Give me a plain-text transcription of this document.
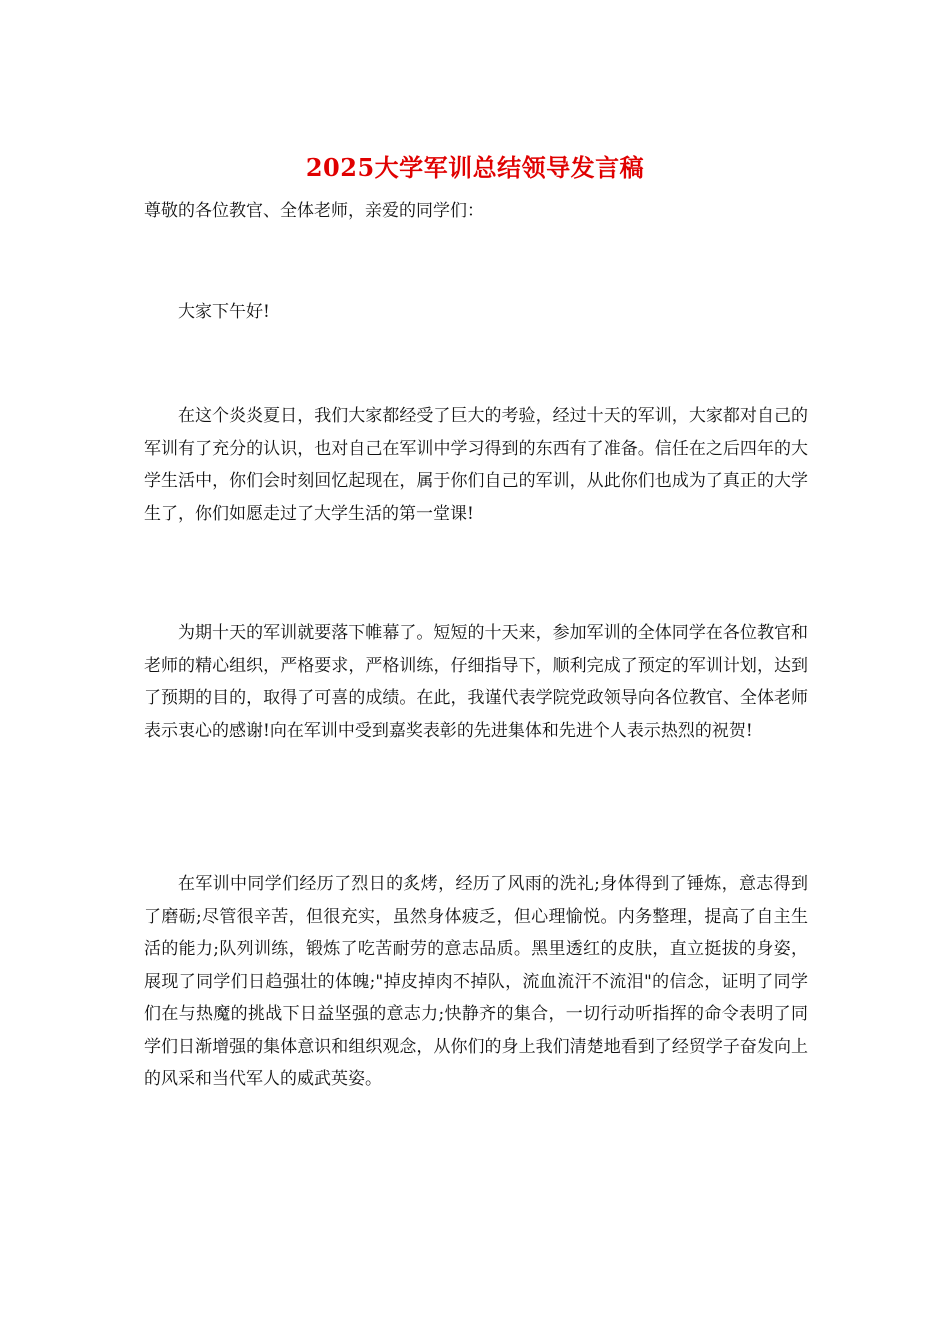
2025大学军训总结领导发言稿
尊敬的各位教官、全体老师，亲爱的同学们：

大家下午好!

在这个炎炎夏日，我们大家都经受了巨大的考验，经过十天的军训，大家都对自己的军训有了充分的认识，也对自己在军训中学习得到的东西有了准备。信任在之后四年的大学生活中，你们会时刻回忆起现在，属于你们自己的军训，从此你们也成为了真正的大学生了，你们如愿走过了大学生活的第一堂课!

为期十天的军训就要落下帷幕了。短短的十天来，参加军训的全体同学在各位教官和老师的精心组织，严格要求，严格训练，仔细指导下，顺利完成了预定的军训计划，达到了预期的目的，取得了可喜的成绩。在此，我谨代表学院党政领导向各位教官、全体老师表示衷心的感谢!向在军训中受到嘉奖表彰的先进集体和先进个人表示热烈的祝贺!

在军训中同学们经历了烈日的炙烤，经历了风雨的洗礼;身体得到了锤炼，意志得到了磨砺;尽管很辛苦，但很充实，虽然身体疲乏，但心理愉悦。内务整理，提高了自主生活的能力;队列训练，锻炼了吃苦耐劳的意志品质。黑里透红的皮肤，直立挺拔的身姿，展现了同学们日趋强壮的体魄;"掉皮掉肉不掉队，流血流汗不流泪"的信念，证明了同学们在与热魔的挑战下日益坚强的意志力;快静齐的集合，一切行动听指挥的命令表明了同学们日渐增强的集体意识和组织观念，从你们的身上我们清楚地看到了经贸学子奋发向上的风采和当代军人的威武英姿。
